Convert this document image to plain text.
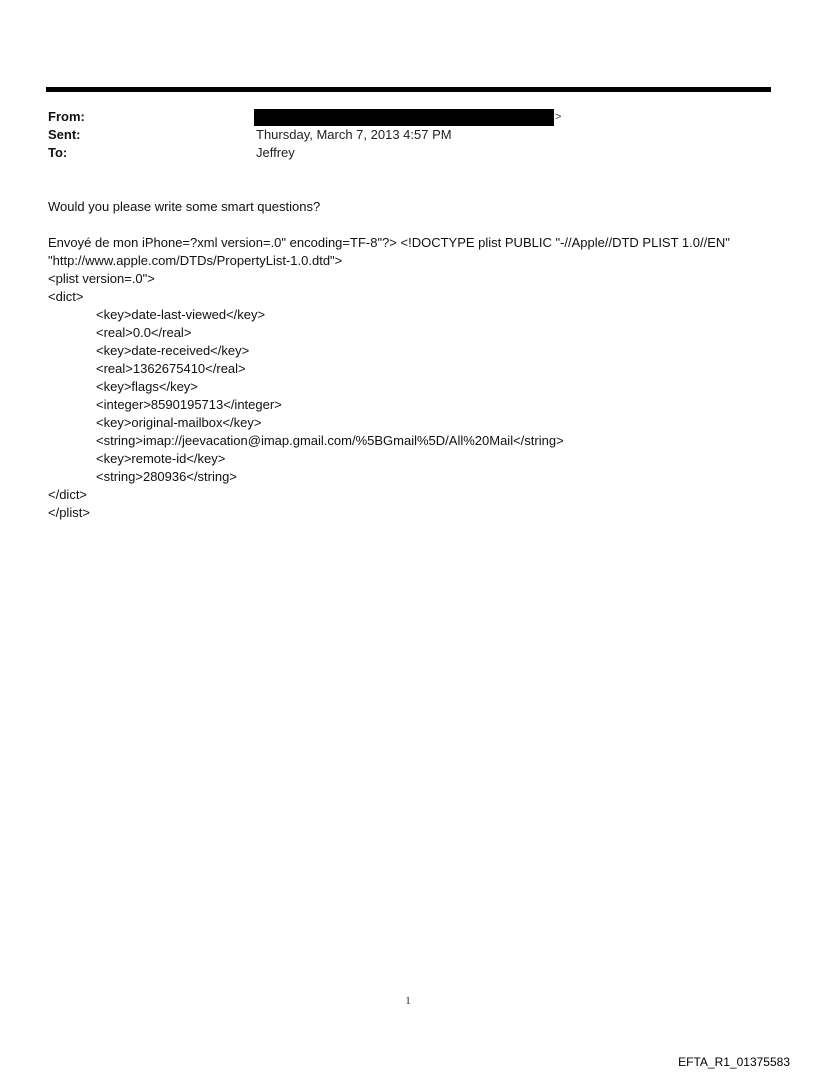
From:	>
Sent:	Thursday, March 7, 2013 4:57 PM
To:	Jeffrey

Would you please write some smart questions?

Envoyé de mon iPhone=?xml version=.0" encoding=TF-8"?> <!DOCTYPE plist PUBLIC "-//Apple//DTD PLIST 1.0//EN"

"http://www.apple.com/DTDs/PropertyList-1.0.dtd">

<plist version=.0">

<dict>

<key>date-last-viewed</key>

<real>0.0</real>

<key>date-received</key>

<real>1362675410</real>

<key>flags</key>

<integer>8590195713</integer>

<key>original-mailbox</key>

<string>imap://jeevacation@imap.gmail.com/%5BGmail%5D/All%20Mail</string>

<key>remote-id</key>

<string>280936</string>

</dict>

</plist>

1
EFTA_R1_01375583
